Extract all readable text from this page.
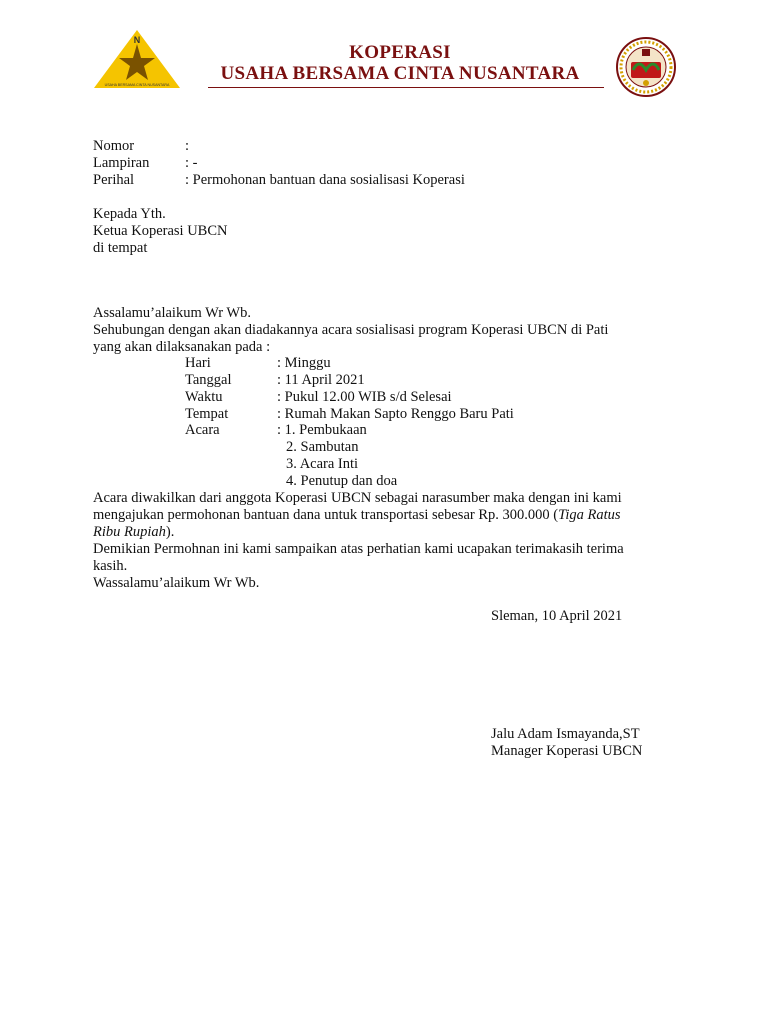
N
USAHA BERSAMA CINTA NUSANTARA
KOPERASI
USAHA BERSAMA CINTA NUSANTARA
Nomor	:
Lampiran : -
Perihal	: Permohonan bantuan dana sosialisasi Koperasi
Kepada Yth.
Ketua Koperasi UBCN
di tempat
Assalamu’alaikum Wr Wb.
Sehubungan dengan akan diadakannya acara sosialisasi program Koperasi UBCN di Pati
yang akan dilaksanakan pada :
Hari	: Minggu
Tanggal	: 11 April 2021
Waktu	: Pukul 12.00 WIB s/d Selesai
Tempat	: Rumah Makan Sapto Renggo Baru Pati
Acara	: 1. Pembukaan
2. Sambutan
3. Acara Inti
4. Penutup dan doa
Acara diwakilkan dari anggota Koperasi UBCN sebagai narasumber maka dengan ini kami
mengajukan permohonan bantuan dana untuk transportasi sebesar Rp. 300.000 (Tiga Ratus
Ribu Rupiah).
Demikian Permohnan ini kami sampaikan atas perhatian kami ucapakan terimakasih terima
kasih.
Wassalamu’alaikum Wr Wb.
Sleman, 10 April 2021
Jalu Adam Ismayanda,ST
Manager Koperasi UBCN
